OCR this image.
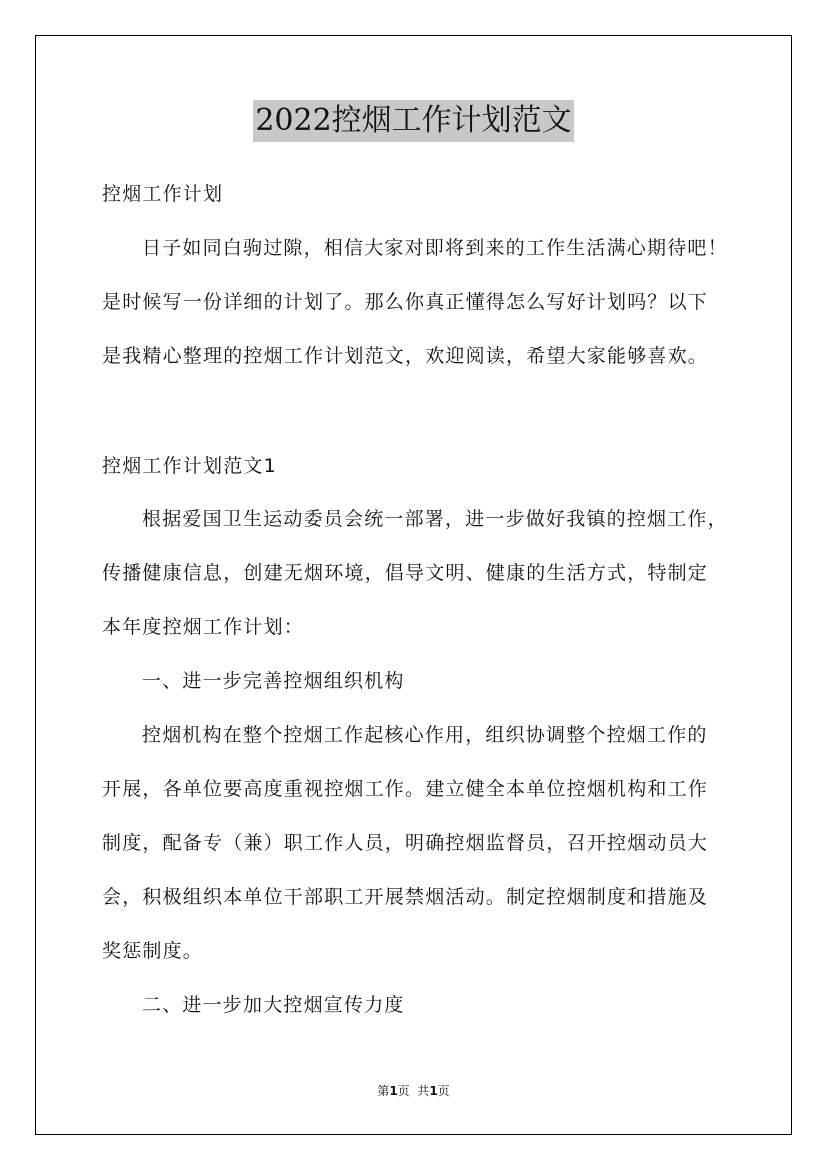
2022控烟工作计划范文
控烟工作计划
日子如同白驹过隙，相信大家对即将到来的工作生活满心期待吧！
是时候写一份详细的计划了。那么你真正懂得怎么写好计划吗？以下
是我精心整理的控烟工作计划范文，欢迎阅读，希望大家能够喜欢。
控烟工作计划范文1
根据爱国卫生运动委员会统一部署，进一步做好我镇的控烟工作，
传播健康信息，创建无烟环境，倡导文明、健康的生活方式，特制定
本年度控烟工作计划：
一、进一步完善控烟组织机构
控烟机构在整个控烟工作起核心作用，组织协调整个控烟工作的
开展，各单位要高度重视控烟工作。建立健全本单位控烟机构和工作
制度，配备专（兼）职工作人员，明确控烟监督员，召开控烟动员大
会，积极组织本单位干部职工开展禁烟活动。制定控烟制度和措施及
奖惩制度。
二、进一步加大控烟宣传力度
第1页  共1页
